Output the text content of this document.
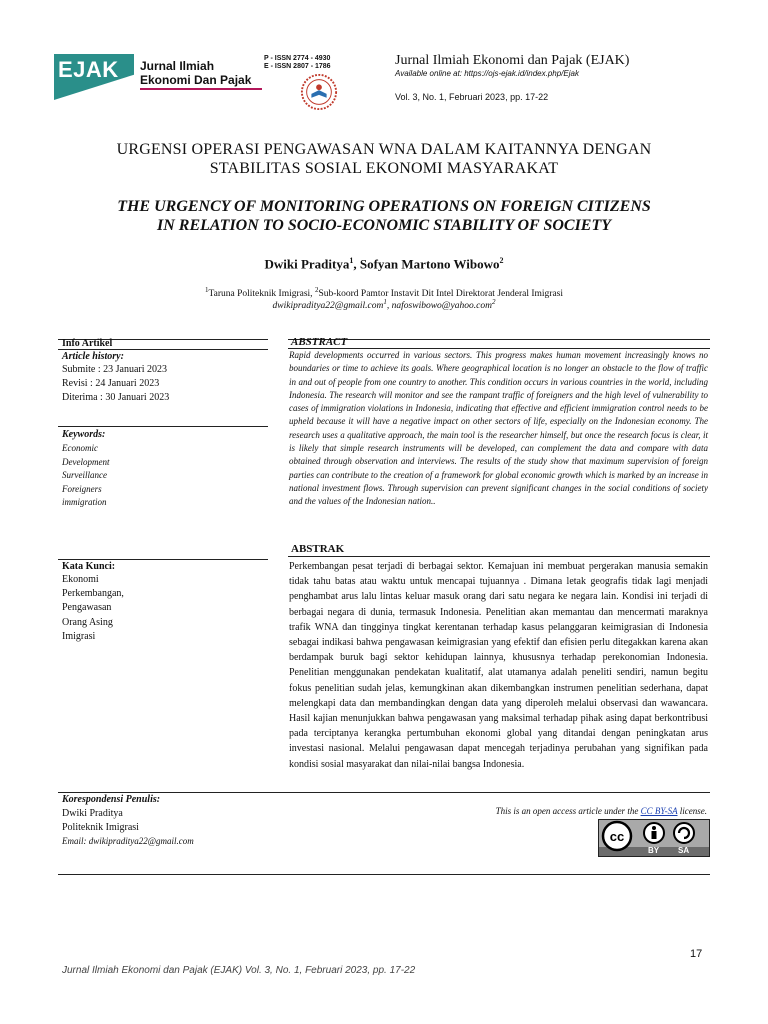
EJAK Jurnal Ilmiah
Ekonomi Dan Pajak
P - ISSN 2774 - 4930
E - ISSN 2807 - 1786	Jurnal Ilmiah Ekonomi dan Pajak (EJAK)
Available online at: https://ojs-ejak.id/index.php/Ejak
Vol. 3, No. 1, Februari 2023, pp. 17-22
URGENSI OPERASI PENGAWASAN WNA DALAM KAITANNYA DENGAN
STABILITAS SOSIAL EKONOMI MASYARAKAT
THE URGENCY OF MONITORING OPERATIONS ON FOREIGN CITIZENS
IN RELATION TO SOCIO-ECONOMIC STABILITY OF SOCIETY
Dwiki Praditya$^1$, Sofyan Martono Wibowo$^2$
$^1$Taruna Politeknik Imigrasi, $^2$Sub-koord Pamtor Instavit Dit Intel Direktorat Jenderal Imigrasi
dwikipraditya22@gmail.com$^1$, nafoswibowo@yahoo.com$^2$
Info Artikel
Article history:
Submite : 23 Januari 2023
Revisi : 24 Januari 2023
Diterima : 30 Januari 2023
Keywords:
Economic
Development
Surveillance
Foreigners
immigration
Kata Kunci:
Ekonomi
Perkembangan,
Pengawasan
Orang Asing
Imigrasi
Korespondensi Penulis:
Dwiki Praditya
Politeknik Imigrasi
Email: dwikipraditya22@gmail.com
ABSTRACT
Rapid developments occurred in various sectors. This progress makes human movement increasingly knows no boundaries or time to achieve its goals. Where geographical location is no longer an obstacle to the flow of traffic in and out of people from one country to another. This condition occurs in various countries in the world, including Indonesia. The research will monitor and see the rampant traffic of foreigners and the high level of vulnerability to cases of immigration violations in Indonesia, indicating that effective and efficient immigration control needs to be upheld because it will have a negative impact on other sectors of life, especially on the Indonesian economy. The research uses a qualitative approach, the main tool is the researcher himself, but once the research focus is clear, it is likely that simple research instruments will be developed, can complement the data and compare with data obtained through observation and interviews. The results of the study show that maximum supervision of foreign parties can contribute to the creation of a framework for global economic growth which is marked by an increase in national investment flows. Through supervision can prevent significant changes in the social conditions of society and the values of the Indonesian nation..
ABSTRAK
Perkembangan pesat terjadi di berbagai sektor. Kemajuan ini membuat pergerakan manusia semakin tidak tahu batas atau waktu untuk mencapai tujuannya . Dimana letak geografis tidak lagi menjadi penghambat arus lalu lintas keluar masuk orang dari satu negara ke negara lain. Kondisi ini terjadi di berbagai negara di dunia, termasuk Indonesia. Penelitian akan memantau dan mencermati maraknya trafik WNA dan tingginya tingkat kerentanan terhadap kasus pelanggaran keimigrasian di Indonesia sebagai indikasi bahwa pengawasan keimigrasian yang efektif dan efisien perlu ditegakkan karena akan berdampak buruk bagi sektor kehidupan lainnya, khususnya terhadap perekonomian Indonesia. Penelitian menggunakan pendekatan kualitatif, alat utamanya adalah peneliti sendiri, namun begitu fokus penelitian sudah jelas, kemungkinan akan dikembangkan instrumen penelitian sederhana, dapat melengkapi data dan membandingkan dengan data yang diperoleh melalui observasi dan wawancara. Hasil kajian menunjukkan bahwa pengawasan yang maksimal terhadap pihak asing dapat berkontribusi pada terciptanya kerangka pertumbuhan ekonomi global yang ditandai dengan peningkatan arus investasi nasional. Melalui pengawasan dapat mencegah terjadinya perubahan yang signifikan pada kondisi sosial masyarakat dan nilai-nilai bangsa Indonesia.
This is an open access article under the CC BY-SA license.
cc
BY SA
17
Jurnal Ilmiah Ekonomi dan Pajak (EJAK) Vol. 3, No. 1, Februari 2023, pp. 17-22
